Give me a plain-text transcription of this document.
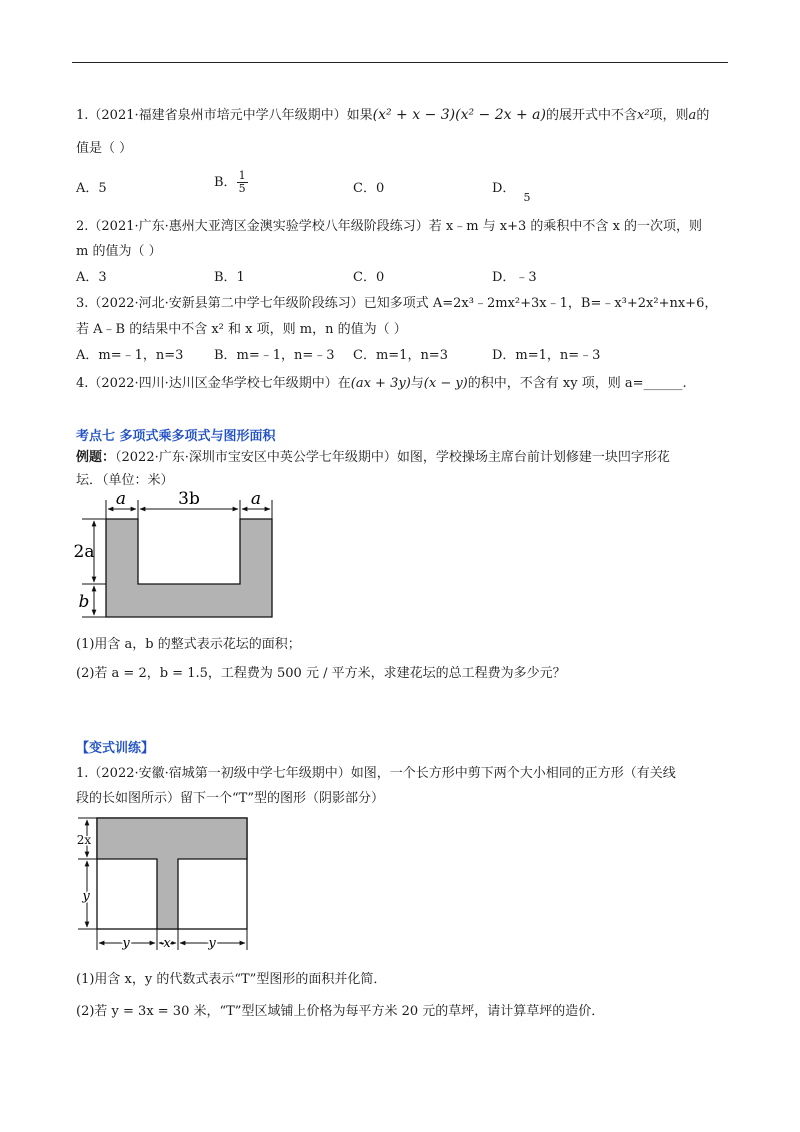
1.（2021·福建省泉州市培元中学八年级期中）如果(x² + x − 3)(x² − 2x + a)的展开式中不含x²项，则a的
值是（ ）
A．5	B． $\frac{1}{5}$	C．0	D．$_5$
2.（2021·广东·惠州大亚湾区金澳实验学校八年级阶段练习）若 x﹣m 与 x+3 的乘积中不含 x 的一次项，则
m 的值为（ ）
A．3	B．1	C．0	D．﹣3
3.（2022·河北·安新县第二中学七年级阶段练习）已知多项式 A=2x³﹣2mx²+3x﹣1，B=﹣x³+2x²+nx+6，
若 A﹣B 的结果中不含 x² 和 x 项，则 m，n 的值为（ ）
A．m=﹣1，n=3 B．m=﹣1，n=﹣3 C．m=1，n=3	D．m=1，n=﹣3
4.（2022·四川·达川区金华学校七年级期中）在(ax + 3y)与(x − y)的积中，不含有 xy 项，则 a=______.
考点七 多项式乘多项式与图形面积
例题：（2022·广东·深圳市宝安区中英公学七年级期中）如图，学校操场主席台前计划修建一块凹字形花
坛．（单位：米）
a	3b	a
2a
b
(1)用含 a，b 的整式表示花坛的面积；
(2)若 a = 2，b = 1.5，工程费为 500 元 / 平方米，求建花坛的总工程费为多少元？
【变式训练】
1.（2022·安徽·宿城第一初级中学七年级期中）如图，一个长方形中剪下两个大小相同的正方形（有关线
段的长如图所示）留下一个“T”型的图形（阴影部分）
2x
y
y	x	y
(1)用含 x，y 的代数式表示“T”型图形的面积并化简．
(2)若 y = 3x = 30 米，“T”型区域铺上价格为每平方米 20 元的草坪，请计算草坪的造价．
